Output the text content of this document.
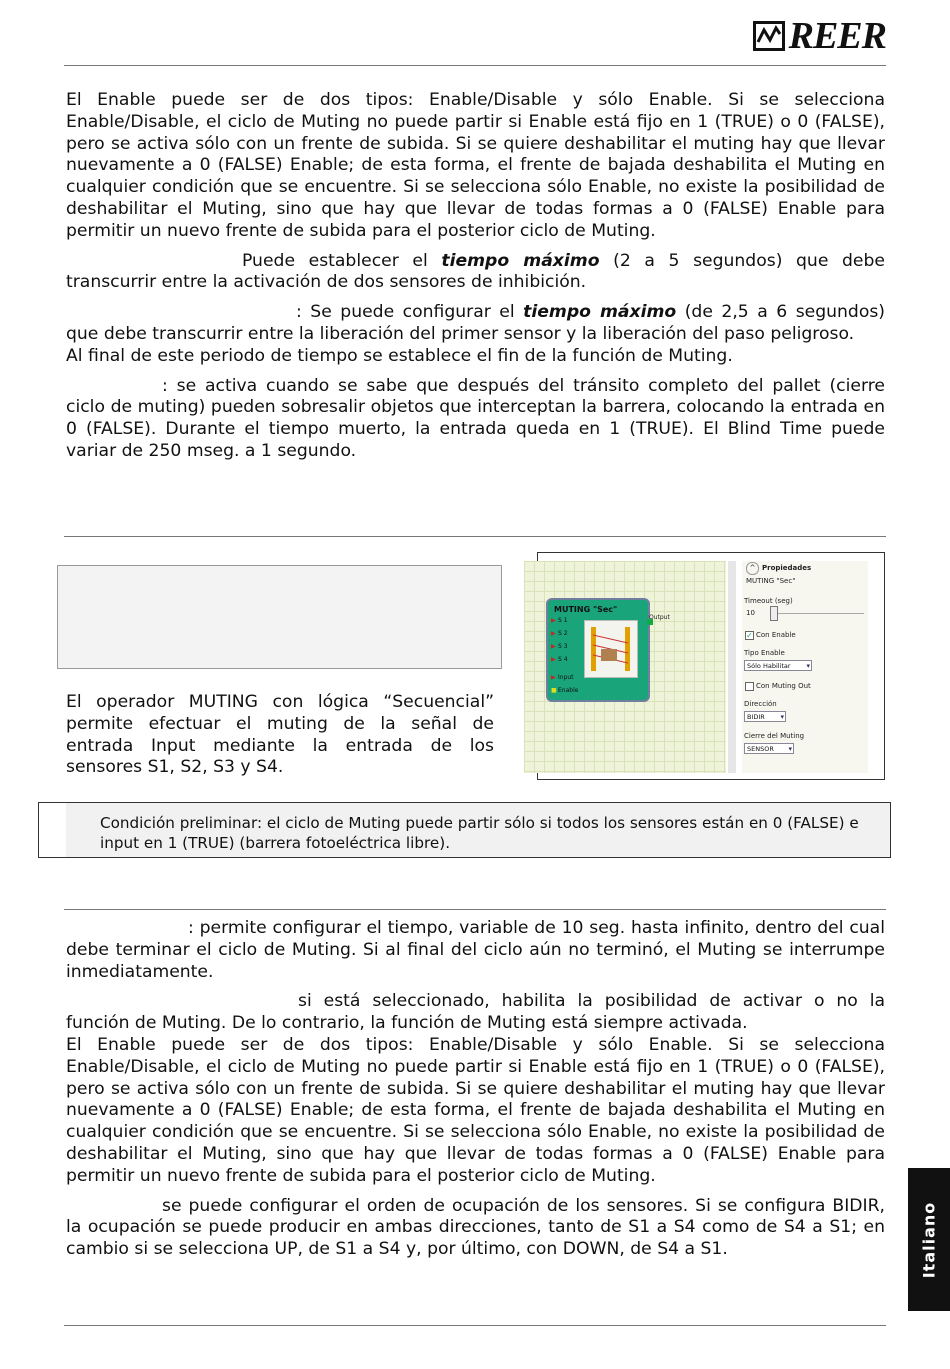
REER

El Enable puede ser de dos tipos: Enable/Disable y sólo Enable. Si se selecciona Enable/Disable, el ciclo de Muting no puede partir si Enable está fijo en 1 (TRUE) o 0 (FALSE), pero se activa sólo con un frente de subida. Si se quiere deshabilitar el muting hay que llevar nuevamente a 0 (FALSE) Enable; de esta forma, el frente de bajada deshabilita el Muting en cualquier condición que se encuentre. Si se selecciona sólo Enable, no existe la posibilidad de deshabilitar el Muting, sino que hay que llevar de todas formas a 0 (FALSE) Enable para permitir un nuevo frente de subida para el posterior ciclo de Muting.

Puede establecer el tiempo máximo (2 a 5 segundos) que debe transcurrir entre la activación de dos sensores de inhibición.

: Se puede configurar el tiempo máximo (de 2,5 a 6 segundos) que debe transcurrir entre la liberación del primer sensor y la liberación del paso peligroso.

Al final de este periodo de tiempo se establece el fin de la función de Muting.

: se activa cuando se sabe que después del tránsito completo del pallet (cierre ciclo de muting) pueden sobresalir objetos que interceptan la barrera, colocando la entrada en 0 (FALSE). Durante el tiempo muerto, la entrada queda en 1 (TRUE). El Blind Time puede variar de 250 mseg. a 1 segundo.

El operador MUTING con lógica “Secuencial” permite efectuar el muting de la señal de entrada Input mediante la entrada de los sensores S1, S2, S3 y S4.

MUTING "Sec"
▶ S 1
▶ S 2
▶ S 3
▶ S 4
▶ Input
■ Enable
Output
^ Propiedades
MUTING "Sec"
Timeout (seg)
10
✓ Con Enable
Tipo Enable
Sólo Habilitar ▾
Con Muting Out
Dirección
BIDIR ▾
Cierre del Muting
SENSOR ▾

Condición preliminar: el ciclo de Muting puede partir sólo si todos los sensores están en 0 (FALSE) e input en 1 (TRUE) (barrera fotoeléctrica libre).

: permite configurar el tiempo, variable de 10 seg. hasta infinito, dentro del cual debe terminar el ciclo de Muting. Si al final del ciclo aún no terminó, el Muting se interrumpe inmediatamente.

si está seleccionado, habilita la posibilidad de activar o no la función de Muting. De lo contrario, la función de Muting está siempre activada.

El Enable puede ser de dos tipos: Enable/Disable y sólo Enable. Si se selecciona Enable/Disable, el ciclo de Muting no puede partir si Enable está fijo en 1 (TRUE) o 0 (FALSE), pero se activa sólo con un frente de subida. Si se quiere deshabilitar el muting hay que llevar nuevamente a 0 (FALSE) Enable; de esta forma, el frente de bajada deshabilita el Muting en cualquier condición que se encuentre. Si se selecciona sólo Enable, no existe la posibilidad de deshabilitar el Muting, sino que hay que llevar de todas formas a 0 (FALSE) Enable para permitir un nuevo frente de subida para el posterior ciclo de Muting.

se puede configurar el orden de ocupación de los sensores. Si se configura BIDIR, la ocupación se puede producir en ambas direcciones, tanto de S1 a S4 como de S4 a S1; en cambio si se selecciona UP, de S1 a S4 y, por último, con DOWN, de S4 a S1.	Italiano
